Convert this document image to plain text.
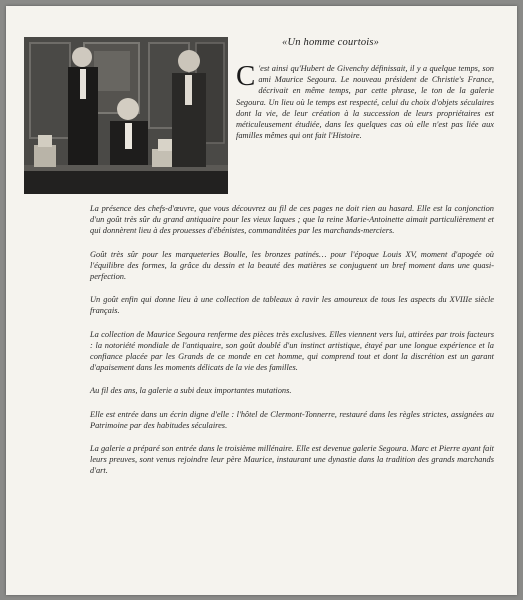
«Un homme courtois»

C 'est ainsi qu'Hubert de Givenchy définissait, il y a quelque temps, son ami Maurice Segoura. Le nouveau président de Christie's France, décrivait en même temps, par cette phrase, le ton de la galerie Segoura. Un lieu où le temps est respecté, celui du choix d'objets séculaires dont la vie, de leur création à la succession de leurs propriétaires est méticuleusement étudiée, dans les quelques cas où elle n'est pas liée aux familles mêmes qui ont fait l'Histoire.

La présence des chefs-d'œuvre, que vous découvrez au fil de ces pages ne doit rien au hasard. Elle est la conjonction d'un goût très sûr du grand antiquaire pour les vieux laques ; que la reine Marie-Antoinette aimait particulièrement et qui donnèrent lieu à des prouesses d'ébénistes, commanditées par les marchands-merciers.

Goût très sûr pour les marqueteries Boulle, les bronzes patinés… pour l'époque Louis XV, moment d'apogée où l'équilibre des formes, la grâce du dessin et la beauté des matières se conjuguent un bref moment dans une quasi-perfection.

Un goût enfin qui donne lieu à une collection de tableaux à ravir les amoureux de tous les aspects du XVIIIe siècle français.

La collection de Maurice Segoura renferme des pièces très exclusives. Elles viennent vers lui, attirées par trois facteurs : la notoriété mondiale de l'antiquaire, son goût doublé d'un instinct artistique, étayé par une longue expérience et la confiance placée par les Grands de ce monde en cet homme, qui comprend tout et dont la discrétion est un garant d'apaisement dans les moments délicats de la vie des familles.

Au fil des ans, la galerie a subi deux importantes mutations.

Elle est entrée dans un écrin digne d'elle : l'hôtel de Clermont-Tonnerre, restauré dans les règles strictes, assignées au Patrimoine par des habitudes séculaires.

La galerie a préparé son entrée dans le troisième millénaire. Elle est devenue galerie Segoura. Marc et Pierre ayant fait leurs preuves, sont venus rejoindre leur père Maurice, instaurant une dynastie dans la tradition des grands marchands d'art.
